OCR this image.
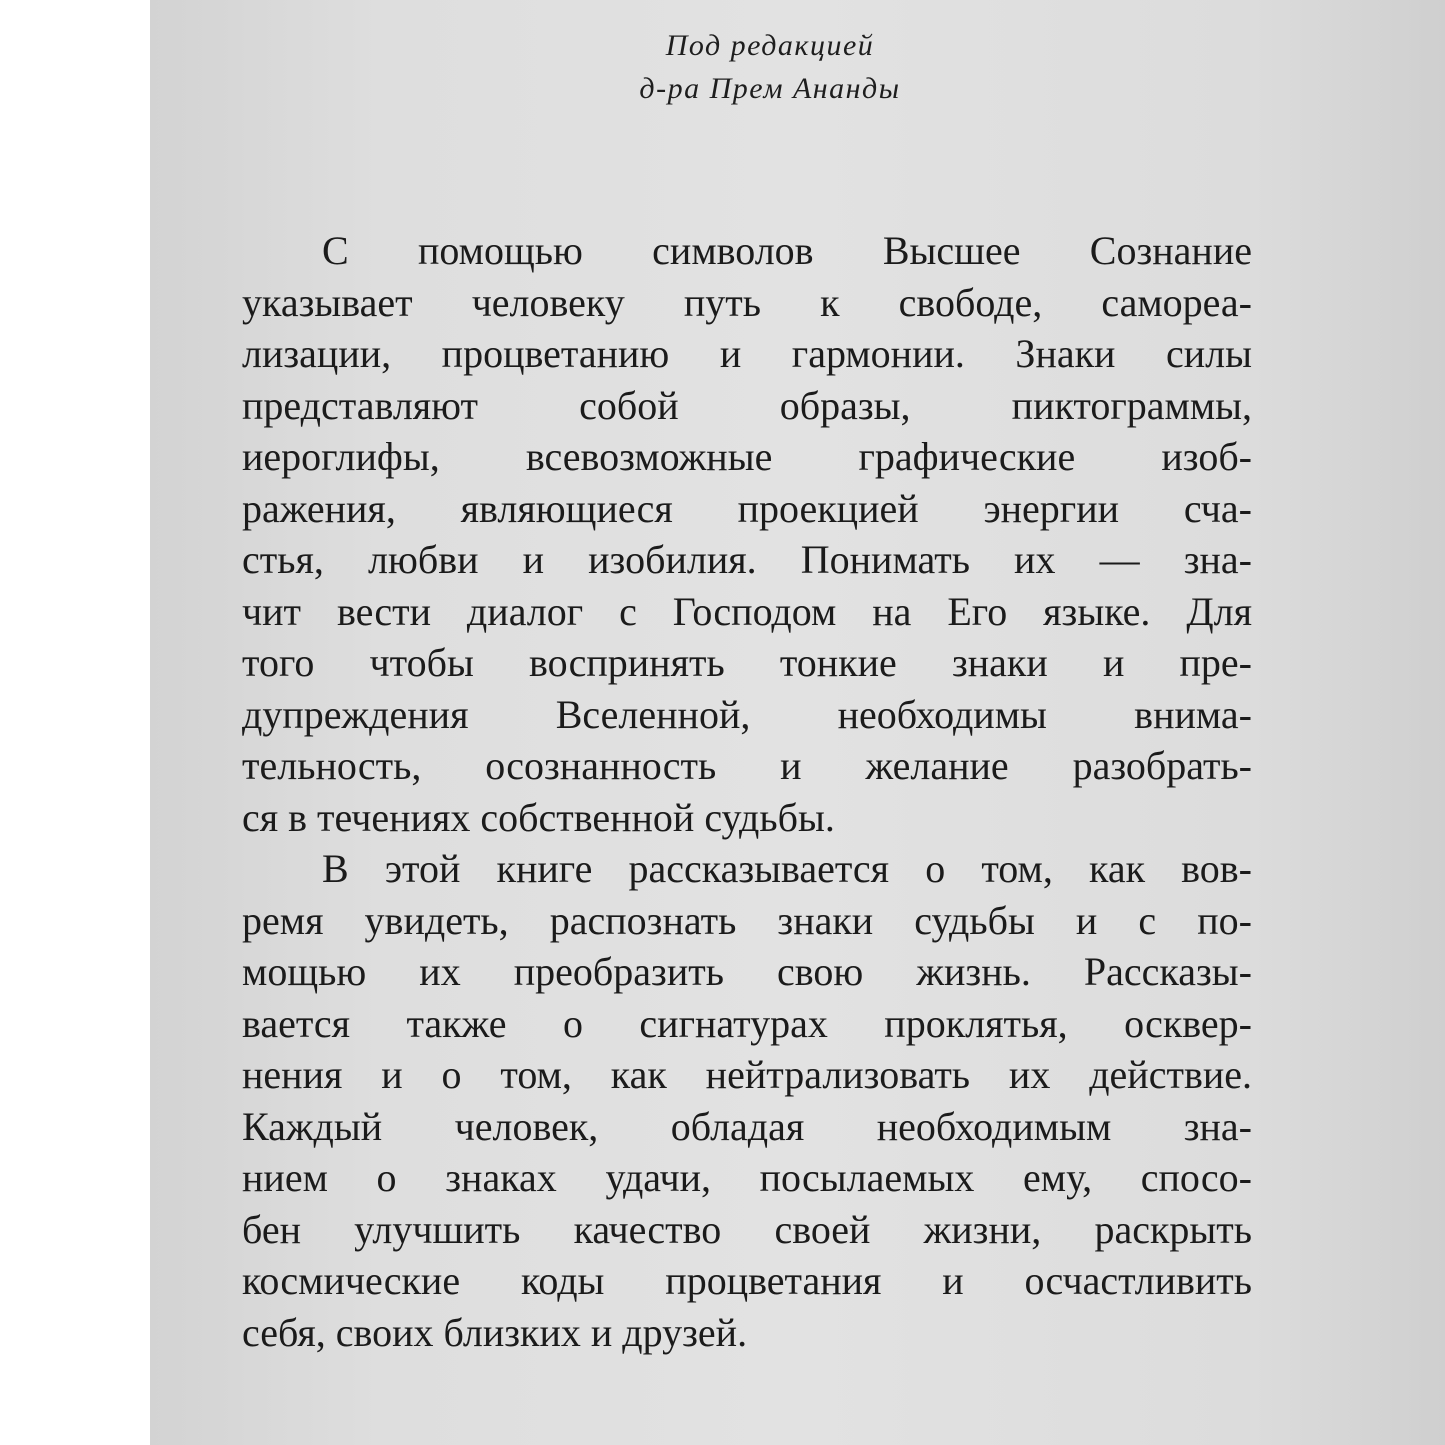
Под редакцией
д-ра Прем Ананды
С помощью символов Высшее Сознание
указывает человеку путь к свободе, самореа-
лизации, процветанию и гармонии. Знаки силы
представляют собой образы, пиктограммы,
иероглифы, всевозможные графические изоб-
ражения, являющиеся проекцией энергии сча-
стья, любви и изобилия. Понимать их — зна-
чит вести диалог с Господом на Его языке. Для
того чтобы воспринять тонкие знаки и пре-
дупреждения Вселенной, необходимы внима-
тельность, осознанность и желание разобрать-
ся в течениях собственной судьбы.
В этой книге рассказывается о том, как вов-
ремя увидеть, распознать знаки судьбы и с по-
мощью их преобразить свою жизнь. Рассказы-
вается также о сигнатурах проклятья, осквер-
нения и о том, как нейтрализовать их действие.
Каждый человек, обладая необходимым зна-
нием о знаках удачи, посылаемых ему, спосо-
бен улучшить качество своей жизни, раскрыть
космические коды процветания и осчастливить
себя, своих близких и друзей.
